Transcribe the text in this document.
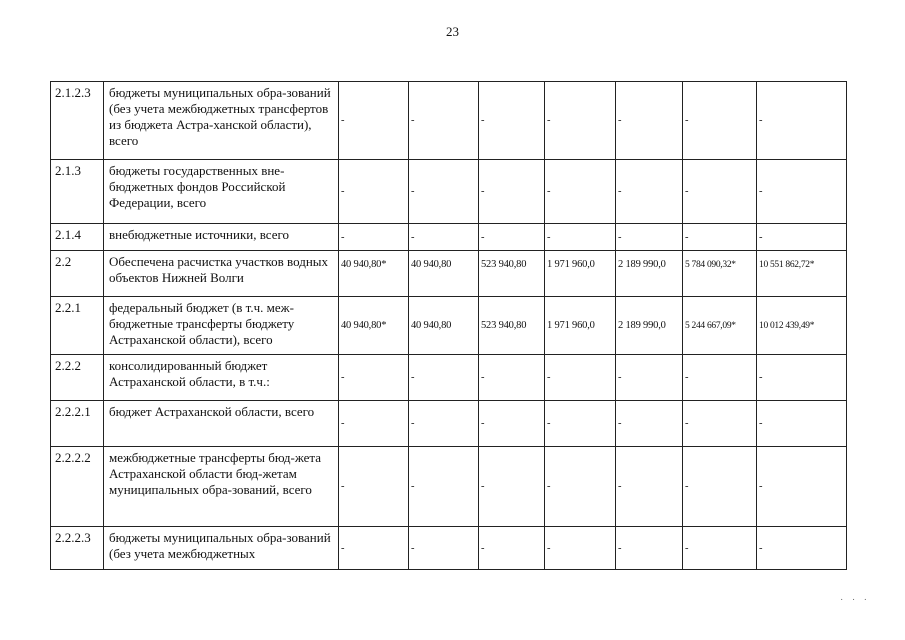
23
2.1.2.3	бюджеты муниципальных обра-зований (без учета межбюджетных трансфертов из бюджета Астра-ханской области), всего	-	-	-	-	-	-	-
2.1.3	бюджеты государственных вне-бюджетных фондов Российской Федерации, всего	-	-	-	-	-	-	-
2.1.4	внебюджетные источники, всего	-	-	-	-	-	-	-
2.2	Обеспечена расчистка участков водных объектов Нижней Волги	40 940,80*	40 940,80	523 940,80	1 971 960,0	2 189 990,0	5 784 090,32*	10 551 862,72*
2.2.1	федеральный бюджет (в т.ч. меж-бюджетные трансферты бюджету Астраханской области), всего	40 940,80*	40 940,80	523 940,80	1 971 960,0	2 189 990,0	5 244 667,09*	10 012 439,49*
2.2.2	консолидированный бюджет Астраханской области, в т.ч.:	-	-	-	-	-	-	-
2.2.2.1	бюджет Астраханской области, всего	-	-	-	-	-	-	-
2.2.2.2	межбюджетные трансферты бюд-жета Астраханской области бюд-жетам муниципальных обра-зований, всего	-	-	-	-	-	-	-
2.2.2.3	бюджеты муниципальных обра-зований (без учета межбюджетных	-	-	-	-	-	-	-
˙ ˙ ˙
